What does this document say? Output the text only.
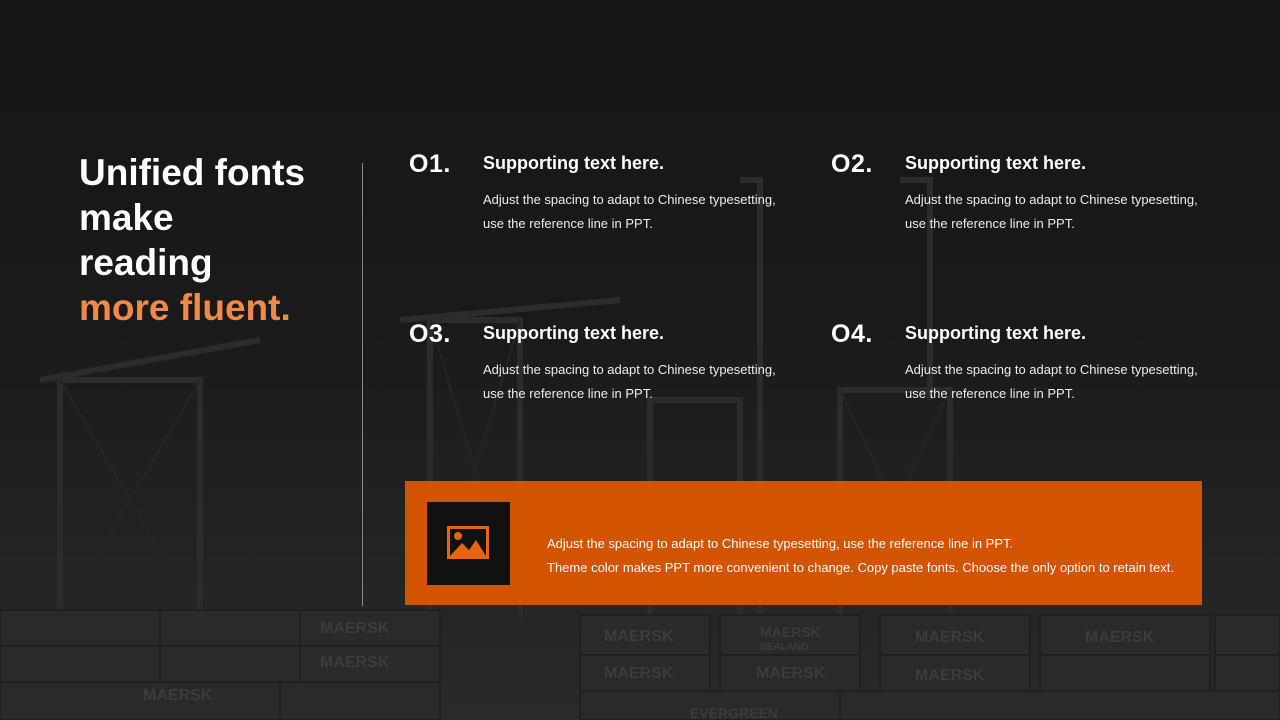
MAERSK
MAERSK
MAERSK
MAERSK
MAERSK
MAERSK
SEALAND
MAERSK
MAERSK
MAERSK
MAERSK
EVERGREEN
Unified fonts
make
reading
more fluent.
O1. Supporting text here.
Adjust the spacing to adapt to Chinese typesetting, use the reference line in PPT.
O2. Supporting text here.
Adjust the spacing to adapt to Chinese typesetting, use the reference line in PPT.
O3. Supporting text here.
Adjust the spacing to adapt to Chinese typesetting, use the reference line in PPT.
O4. Supporting text here.
Adjust the spacing to adapt to Chinese typesetting, use the reference line in PPT.
Adjust the spacing to adapt to Chinese typesetting, use the reference line in PPT.
Theme color makes PPT more convenient to change. Copy paste fonts. Choose the only option to retain text.
